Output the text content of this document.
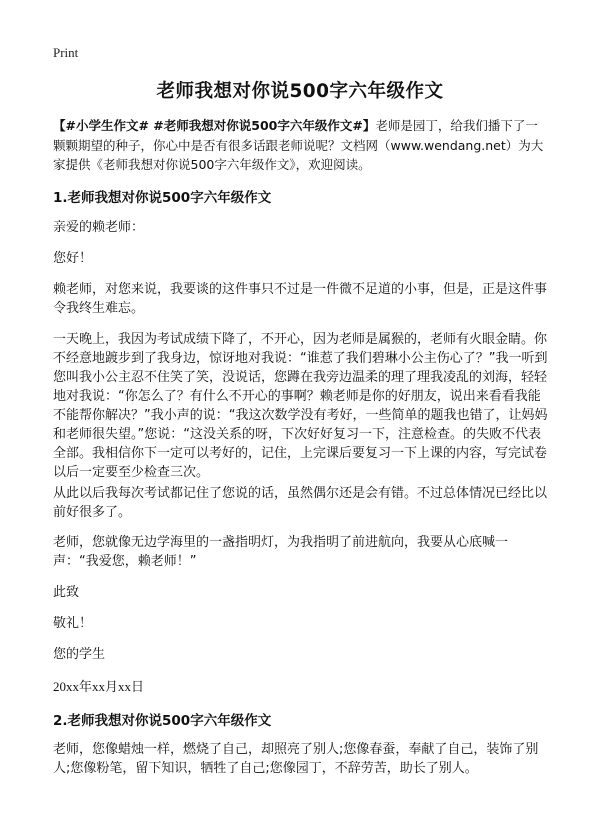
Print
老师我想对你说500字六年级作文
【#小学生作文# #老师我想对你说500字六年级作文#】老师是园丁，给我们播下了一颗颗期望的种子，你心中是否有很多话跟老师说呢？文档网（www.wendang.net）为大家提供《老师我想对你说500字六年级作文》，欢迎阅读。
1.老师我想对你说500字六年级作文

亲爱的赖老师：

您好！

赖老师，对您来说，我要谈的这件事只不过是一件微不足道的小事，但是，正是这件事令我终生难忘。

一天晚上，我因为考试成绩下降了，不开心，因为老师是属猴的，老师有火眼金睛。你不经意地踱步到了我身边，惊讶地对我说：“谁惹了我们碧琳小公主伤心了？”我一听到您叫我小公主忍不住笑了笑，没说话，您蹲在我旁边温柔的理了理我凌乱的刘海，轻轻地对我说：“你怎么了？有什么不开心的事啊？赖老师是你的好朋友，说出来看看我能不能帮你解决？”我小声的说：“我这次数学没有考好，一些简单的题我也错了，让妈妈和老师很失望。”您说：“这没关系的呀，下次好好复习一下，注意检查。的失败不代表全部。我相信你下一定可以考好的，记住，上完课后要复习一下上课的内容，写完试卷以后一定要至少检查三次。

从此以后我每次考试都记住了您说的话，虽然偶尔还是会有错。不过总体情况已经比以前好很多了。

老师，您就像无边学海里的一盏指明灯，为我指明了前进航向，我要从心底喊一声：“我爱您，赖老师！”

此致

敬礼！

您的学生

20xx年xx月xx日

2.老师我想对你说500字六年级作文

老师，您像蜡烛一样，燃烧了自己，却照亮了别人;您像春蚕，奉献了自己，装饰了别人;您像粉笔，留下知识，牺牲了自己;您像园丁，不辞劳苦，助长了别人。
